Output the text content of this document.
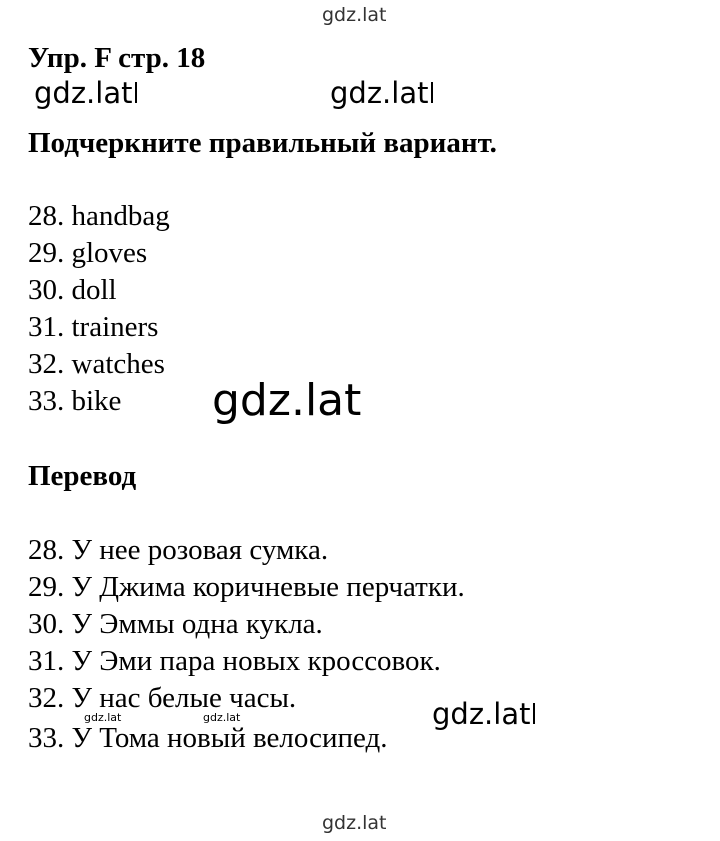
gdz.lat
Упр. F стр. 18
gdz.lat	gdz.lat
Подчеркните правильный вариант.
28. handbag
29. gloves
30. doll
31. trainers
32. watches
33. bike gdz.lat
Перевод
28. У нее розовая сумка.
29. У Джима коричневые перчатки.
30. У Эммы одна кукла.
31. У Эми пара новых кроссовок.
32. У нас белые часы.
33. У Тома новый велосипед.
gdz.lat	gdz.lat	gdz.lat
gdz.lat
